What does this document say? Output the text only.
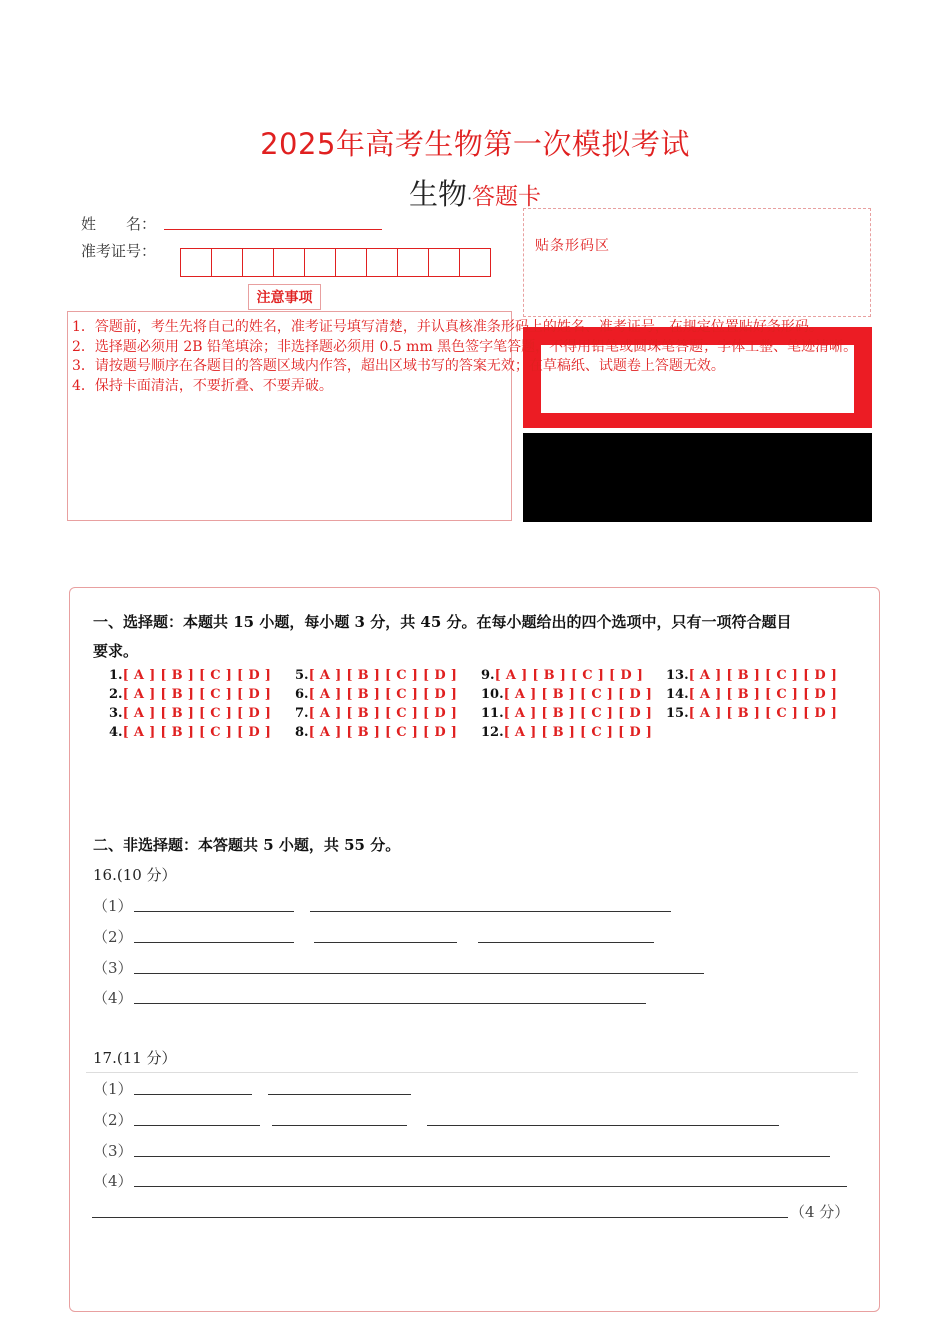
2025年高考生物第一次模拟考试
生物·答题卡
姓　　名：
准考证号：	贴条形码区
注意事项
1．答题前，考生先将自己的姓名，准考证号填写清楚，并认真核准条形码上的姓名、准考证号，在规定位置贴好条形码。
2．选择题必须用 2B 铅笔填涂；非选择题必须用 0.5 mm 黑色签字笔答题，不得用铅笔或圆珠笔答题；字体工整、笔迹清晰。
3．请按题号顺序在各题目的答题区域内作答，超出区域书写的答案无效；在草稿纸、试题卷上答题无效。
4．保持卡面清洁，不要折叠、不要弄破。
一、选择题：本题共 15 小题，每小题 3 分，共 45 分。在每小题给出的四个选项中，只有一项符合题目
要求。
1.[ A ] [ B ] [ C ] [ D ]
2.[ A ] [ B ] [ C ] [ D ]
3.[ A ] [ B ] [ C ] [ D ]
4.[ A ] [ B ] [ C ] [ D ]
5.[ A ] [ B ] [ C ] [ D ]
6.[ A ] [ B ] [ C ] [ D ]
7.[ A ] [ B ] [ C ] [ D ]
8.[ A ] [ B ] [ C ] [ D ]
9.[ A ] [ B ] [ C ] [ D ]
10.[ A ] [ B ] [ C ] [ D ]
11.[ A ] [ B ] [ C ] [ D ]
12.[ A ] [ B ] [ C ] [ D ]
13.[ A ] [ B ] [ C ] [ D ]
14.[ A ] [ B ] [ C ] [ D ]
15.[ A ] [ B ] [ C ] [ D ]
二、非选择题：本答题共 5 小题，共 55 分。
16.(10 分）
（1）
（2）
（3）
（4）
17.(11 分）
（1）
（2）
（3）
（4）
（4 分）
